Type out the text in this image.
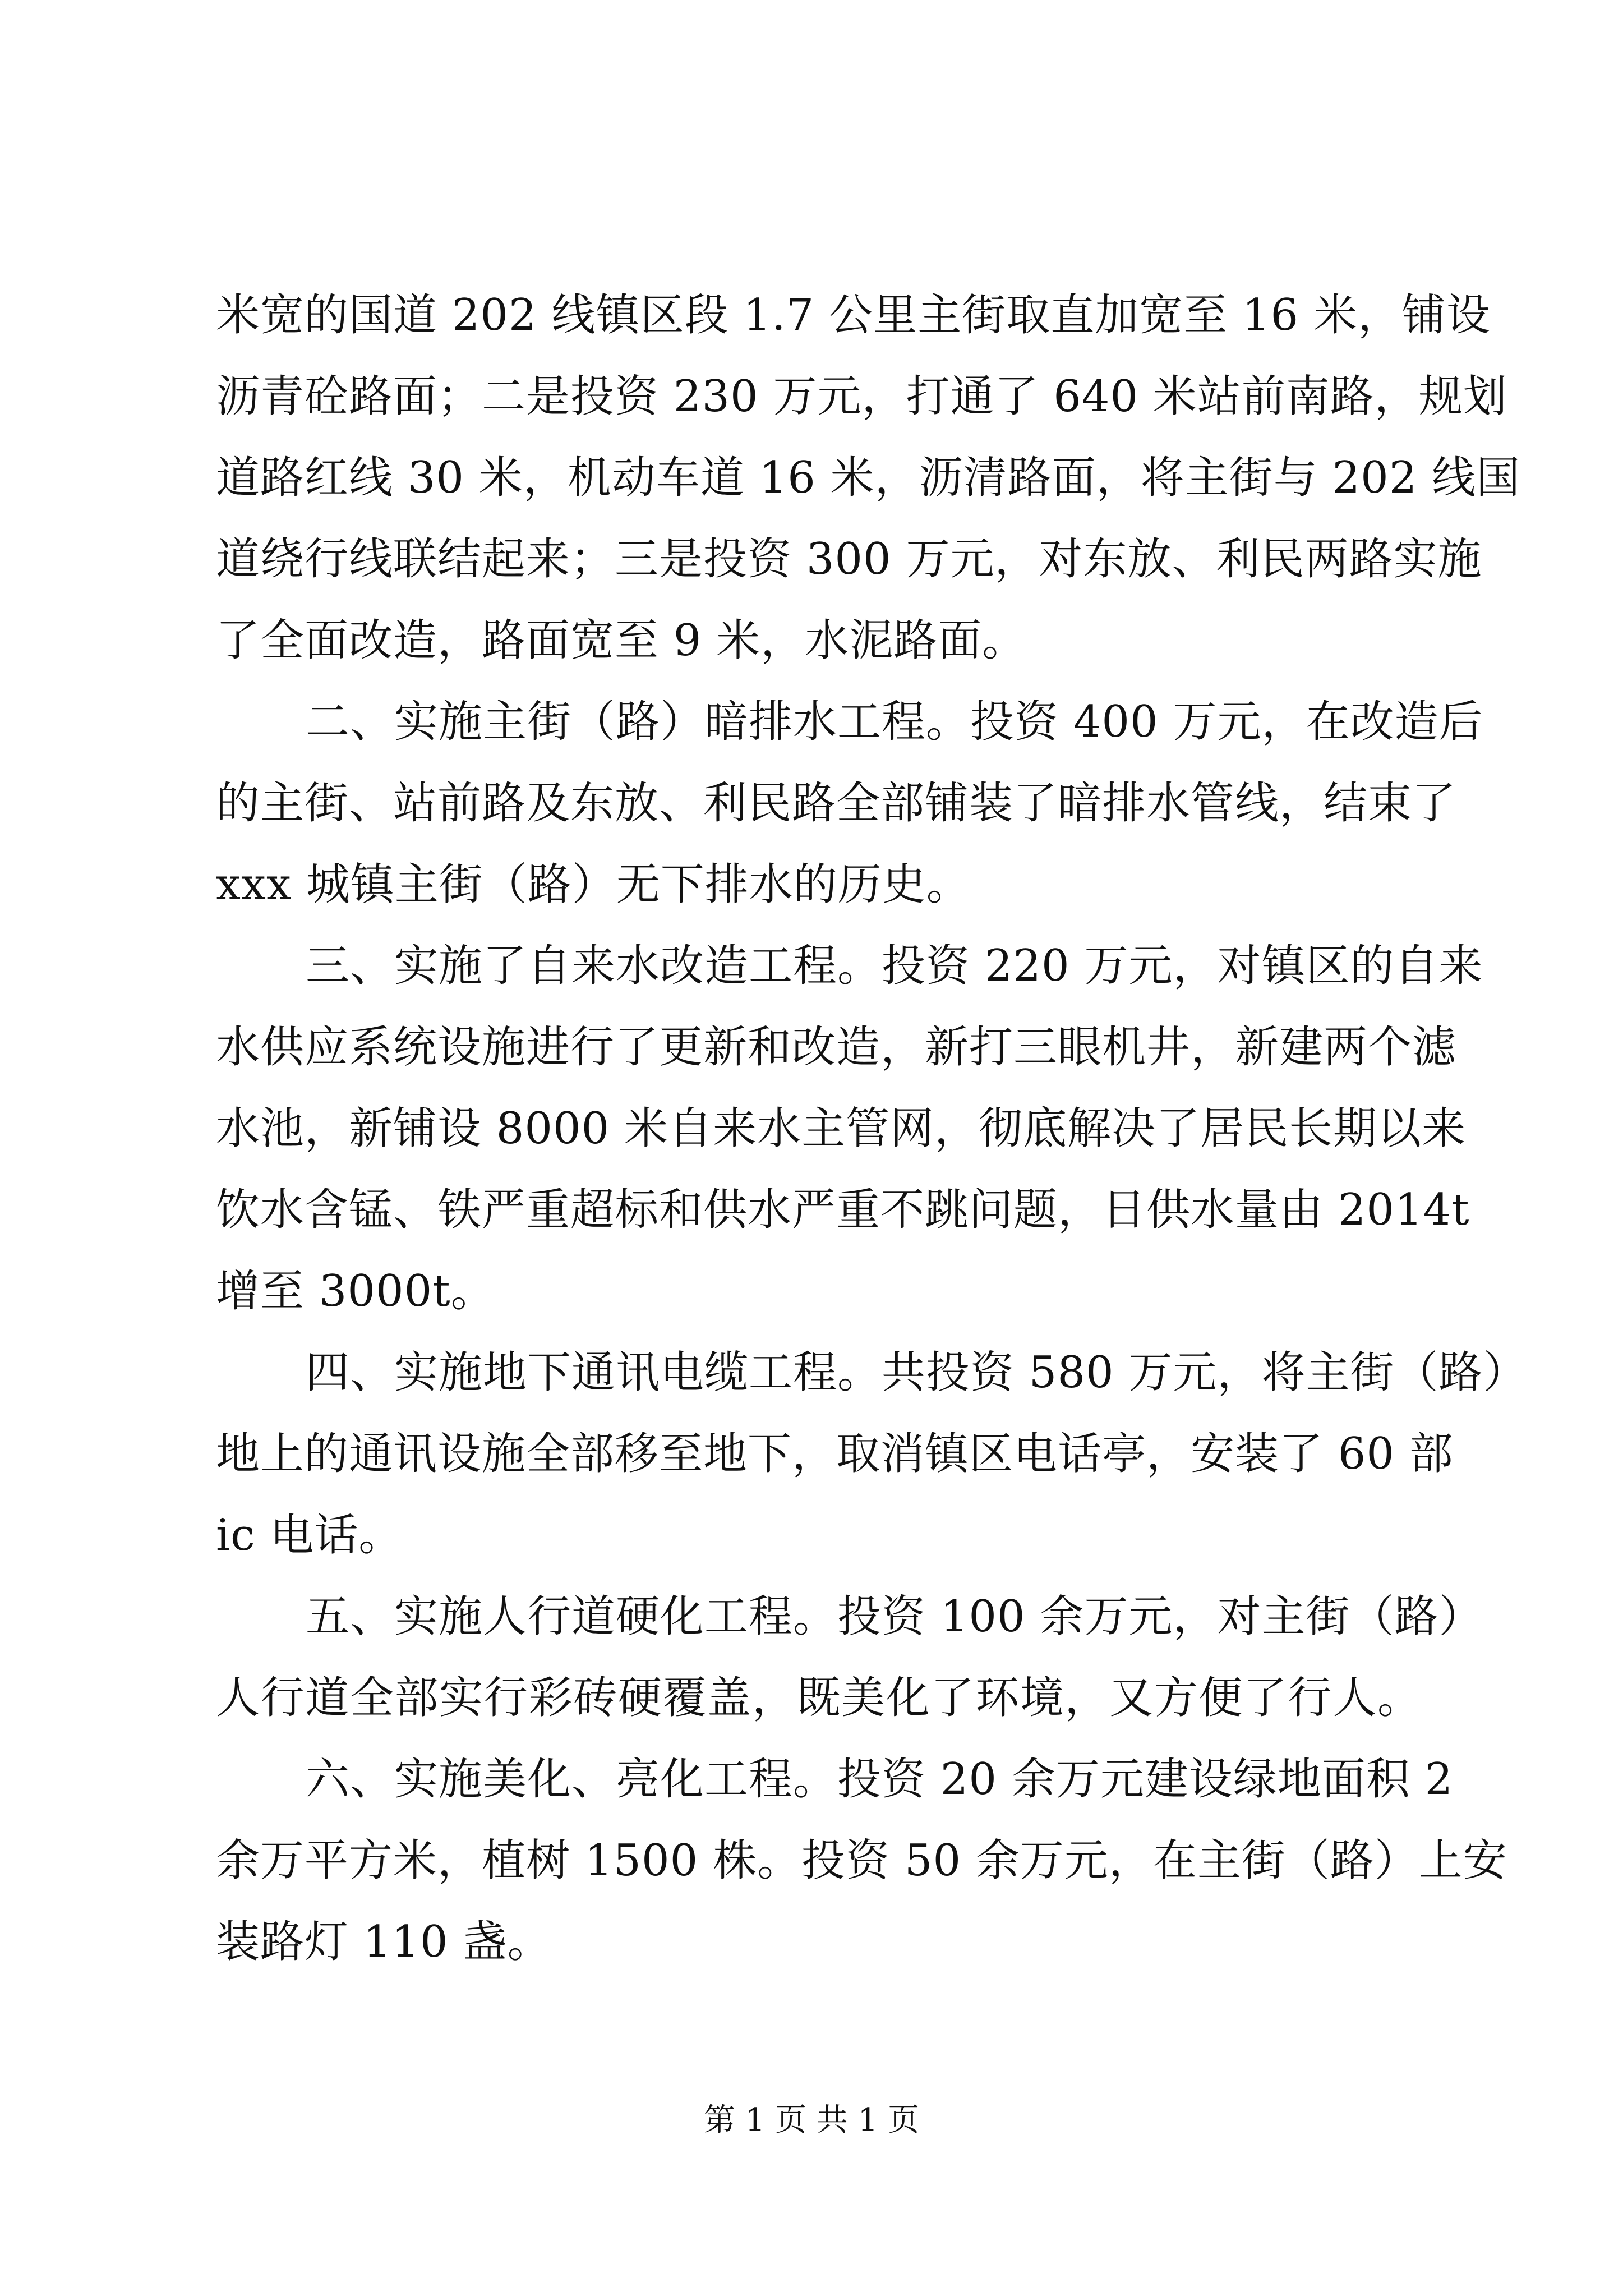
米宽的国道 202 线镇区段 1.7 公里主街取直加宽至 16 米，铺设
沥青砼路面；二是投资 230 万元，打通了 640 米站前南路，规划
道路红线 30 米，机动车道 16 米，沥清路面，将主街与 202 线国
道绕行线联结起来；三是投资 300 万元，对东放、利民两路实施
了全面改造，路面宽至 9 米，水泥路面。
二、实施主街（路）暗排水工程。投资 400 万元，在改造后
的主街、站前路及东放、利民路全部铺装了暗排水管线，结束了
xxx 城镇主街（路）无下排水的历史。
三、实施了自来水改造工程。投资 220 万元，对镇区的自来
水供应系统设施进行了更新和改造，新打三眼机井，新建两个滤
水池，新铺设 8000 米自来水主管网，彻底解决了居民长期以来
饮水含锰、铁严重超标和供水严重不跳问题，日供水量由 2014t
增至 3000t。
四、实施地下通讯电缆工程。共投资 580 万元，将主街（路）
地上的通讯设施全部移至地下，取消镇区电话亭，安装了 60 部
ic 电话。
五、实施人行道硬化工程。投资 100 余万元，对主街（路）
人行道全部实行彩砖硬覆盖，既美化了环境，又方便了行人。
六、实施美化、亮化工程。投资 20 余万元建设绿地面积 2
余万平方米，植树 1500 株。投资 50 余万元，在主街（路）上安
装路灯 110 盏。
第 1 页 共 1 页
